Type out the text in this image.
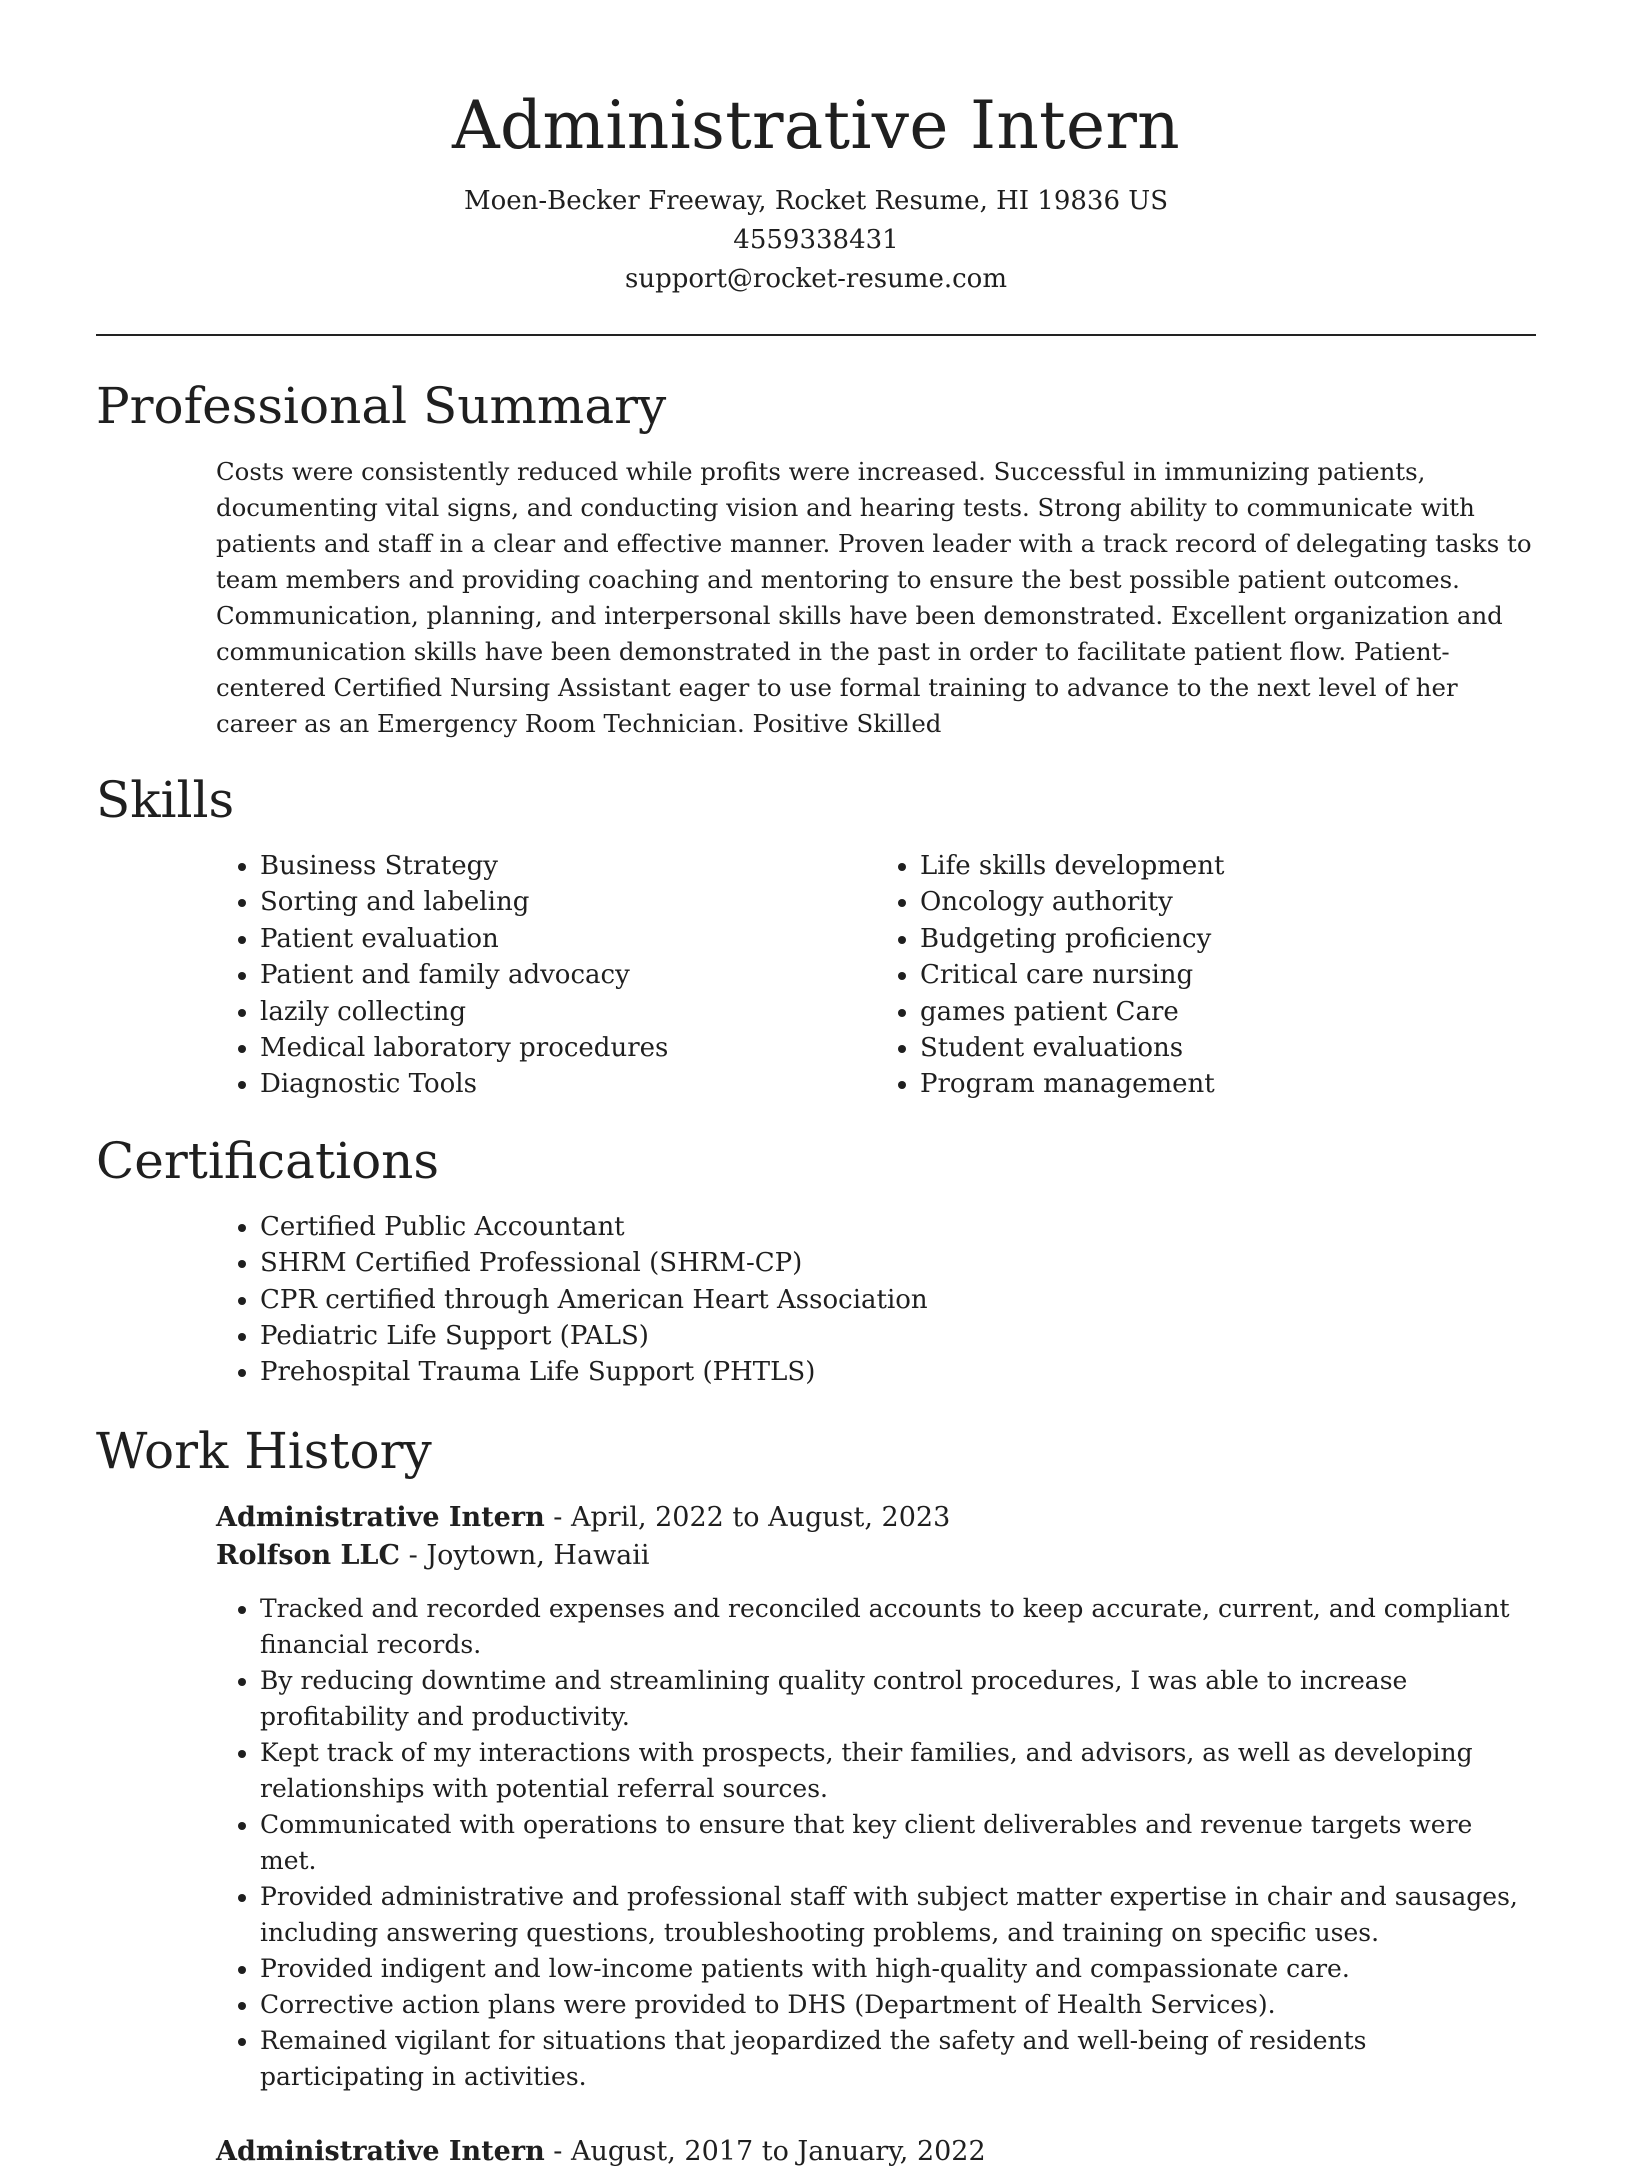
Administrative Intern

Moen-Becker Freeway, Rocket Resume, HI 19836 US

4559338431

support@rocket-resume.com

Professional Summary

Costs were consistently reduced while profits were increased. Successful in immunizing patients, documenting vital signs, and conducting vision and hearing tests. Strong ability to communicate with patients and staff in a clear and effective manner. Proven leader with a track record of delegating tasks to team members and providing coaching and mentoring to ensure the best possible patient outcomes. Communication, planning, and interpersonal skills have been demonstrated. Excellent organization and communication skills have been demonstrated in the past in order to facilitate patient flow. Patient-centered Certified Nursing Assistant eager to use formal training to advance to the next level of her career as an Emergency Room Technician. Positive Skilled

Skills
• Business Strategy
• Sorting and labeling
• Patient evaluation
• Patient and family advocacy
• lazily collecting
• Medical laboratory procedures
• Diagnostic Tools
• Life skills development
• Oncology authority
• Budgeting proficiency
• Critical care nursing
• games patient Care
• Student evaluations
• Program management
Certifications
• Certified Public Accountant
• SHRM Certified Professional (SHRM-CP)
• CPR certified through American Heart Association
• Pediatric Life Support (PALS)
• Prehospital Trauma Life Support (PHTLS)
Work History

Administrative Intern - April, 2022 to August, 2023

Rolfson LLC - Joytown, Hawaii

• Tracked and recorded expenses and reconciled accounts to keep accurate, current, and compliant financial records.
• By reducing downtime and streamlining quality control procedures, I was able to increase profitability and productivity.
• Kept track of my interactions with prospects, their families, and advisors, as well as developing relationships with potential referral sources.
• Communicated with operations to ensure that key client deliverables and revenue targets were met.
• Provided administrative and professional staff with subject matter expertise in chair and sausages, including answering questions, troubleshooting problems, and training on specific uses.
• Provided indigent and low-income patients with high-quality and compassionate care.
• Corrective action plans were provided to DHS (Department of Health Services).
• Remained vigilant for situations that jeopardized the safety and well-being of residents participating in activities.

Administrative Intern - August, 2017 to January, 2022
